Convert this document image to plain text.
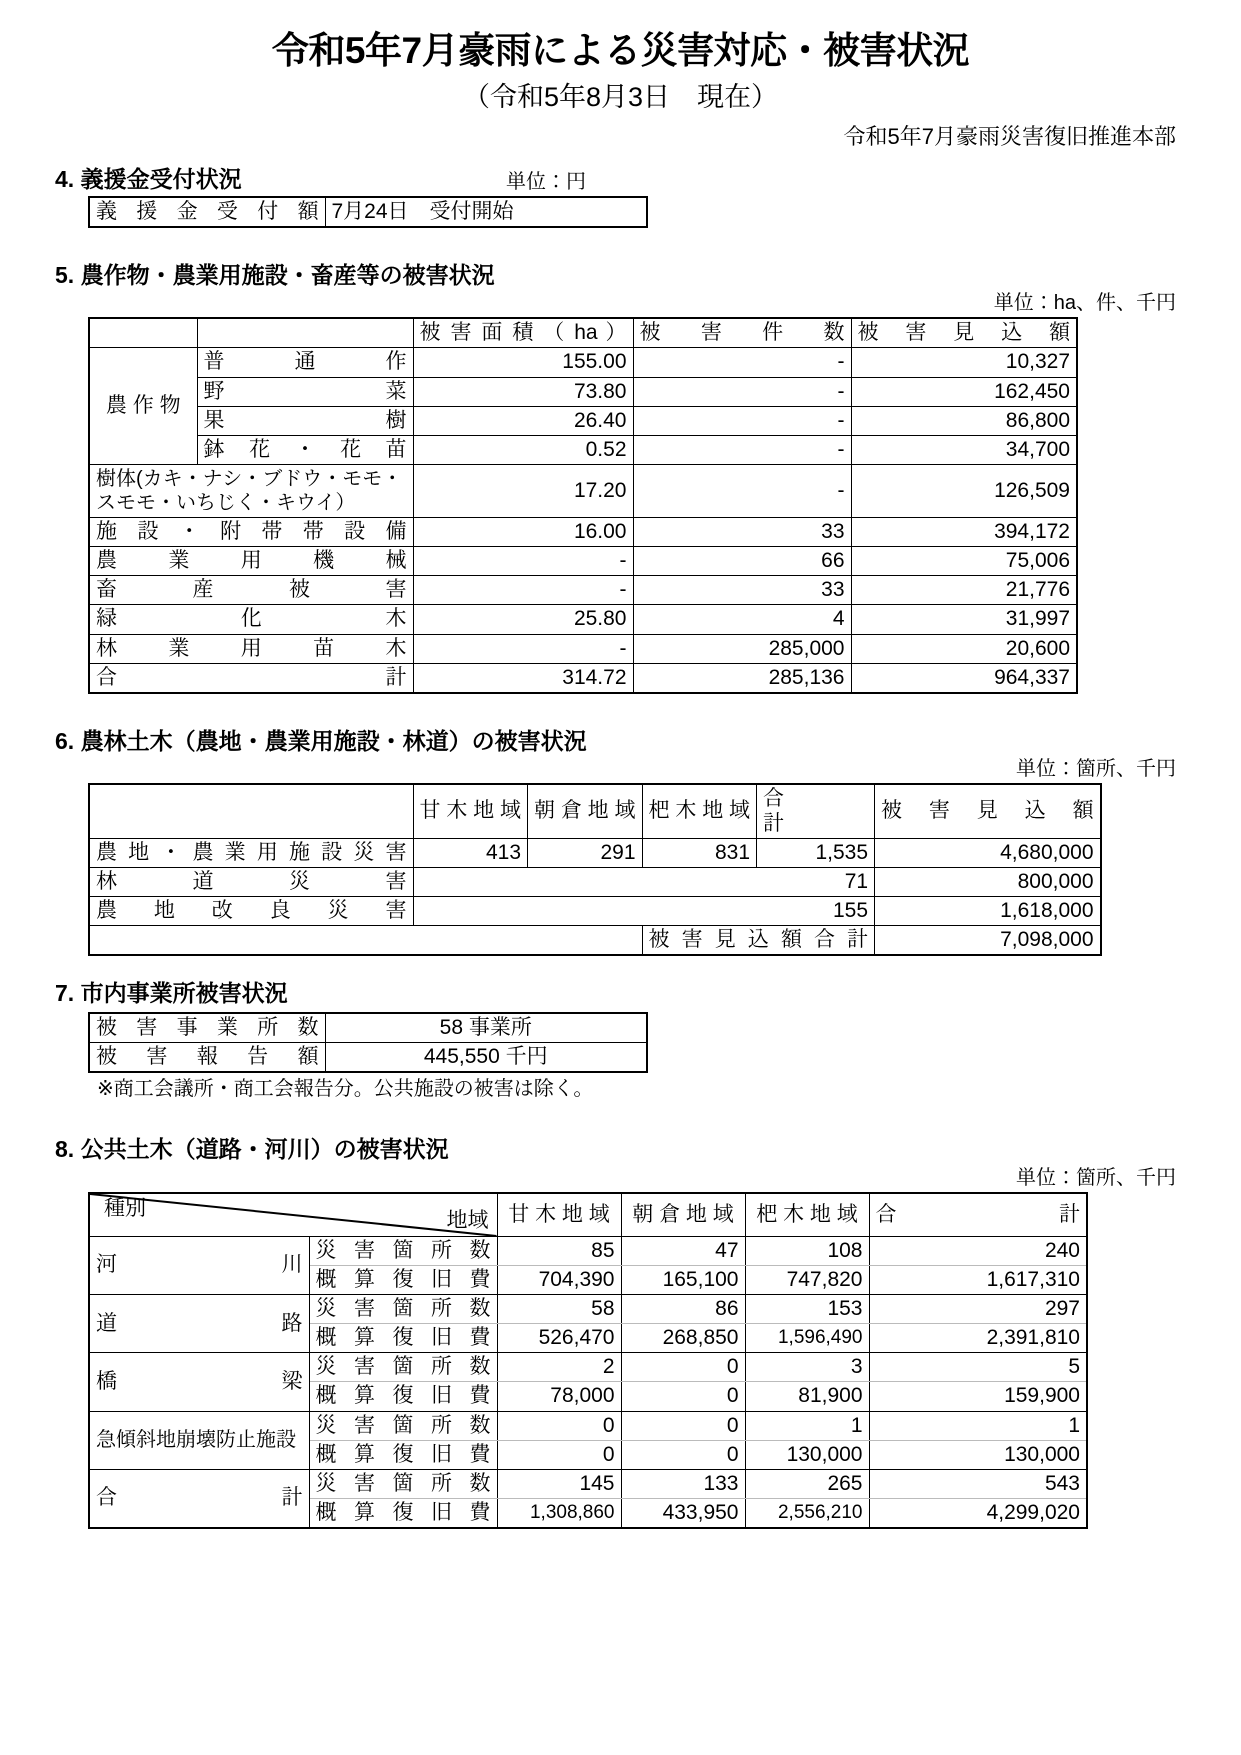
令和5年7月豪雨による災害対応・被害状況
（令和5年8月3日　現在）
令和5年7月豪雨災害復旧推進本部
4. 義援金受付状況	単位：円
義 援 金 受 付 額	7月24日　受付開始
5. 農作物・農業用施設・畜産等の被害状況
単位：ha、件、千円
		被 害 面 積 （ ha ）	被　害　件　数	被　害　見　込　額
農 作 物	普　　通　　作	155.00	-	10,327
	野　　　　　菜	73.80	-	162,450
	果　　　　　樹	26.40	-	86,800
	鉢 花 ・ 花 苗	0.52	-	34,700
樹体(カキ・ナシ・ブドウ・モモ・スモモ・いちじく・キウイ）		17.20	-	126,509
施 設 ・ 附 帯 帯 設 備		16.00	33	394,172
農 業 用 機 械		-	66	75,006
畜 産 被 害		-	33	21,776
緑 化 木		25.80	4	31,997
林 業 用 苗 木		-	285,000	20,600
合　　　　　計		314.72	285,136	964,337
6. 農林土木（農地・農業用施設・林道）の被害状況
単位：箇所、千円
	甘 木 地 域	朝 倉 地 域	杷 木 地 域	合　　　　計	被　害　見　込　額
農 地 ・ 農 業 用 施 設 災 害	413	291	831	1,535	4,680,000
林　道　災　害	71				800,000
農 地 改 良 災 害	155				1,618,000
			被 害 見 込 額 合 計		7,098,000
7. 市内事業所被害状況
被 害 事 業 所 数	58 事業所
被 害 報 告 額	445,550 千円
※商工会議所・商工会報告分。公共施設の被害は除く。
8. 公共土木（道路・河川）の被害状況
単位：箇所、千円
種別
地域		甘 木 地 域	朝 倉 地 域	杷 木 地 域	合　　　　　計
河　　　　　川	災 害 箇 所 数	85	47	108	240
	概 算 復 旧 費	704,390	165,100	747,820	1,617,310
道　　　　　路	災 害 箇 所 数	58	86	153	297
	概 算 復 旧 費	526,470	268,850	1,596,490	2,391,810
橋　　　　　梁	災 害 箇 所 数	2	0	3	5
	概 算 復 旧 費	78,000	0	81,900	159,900
急傾斜地崩壊防止施設	災 害 箇 所 数	0	0	1	1
	概 算 復 旧 費	0	0	130,000	130,000
合　　　　　計	災 害 箇 所 数	145	133	265	543
	概 算 復 旧 費	1,308,860	433,950	2,556,210	4,299,020
